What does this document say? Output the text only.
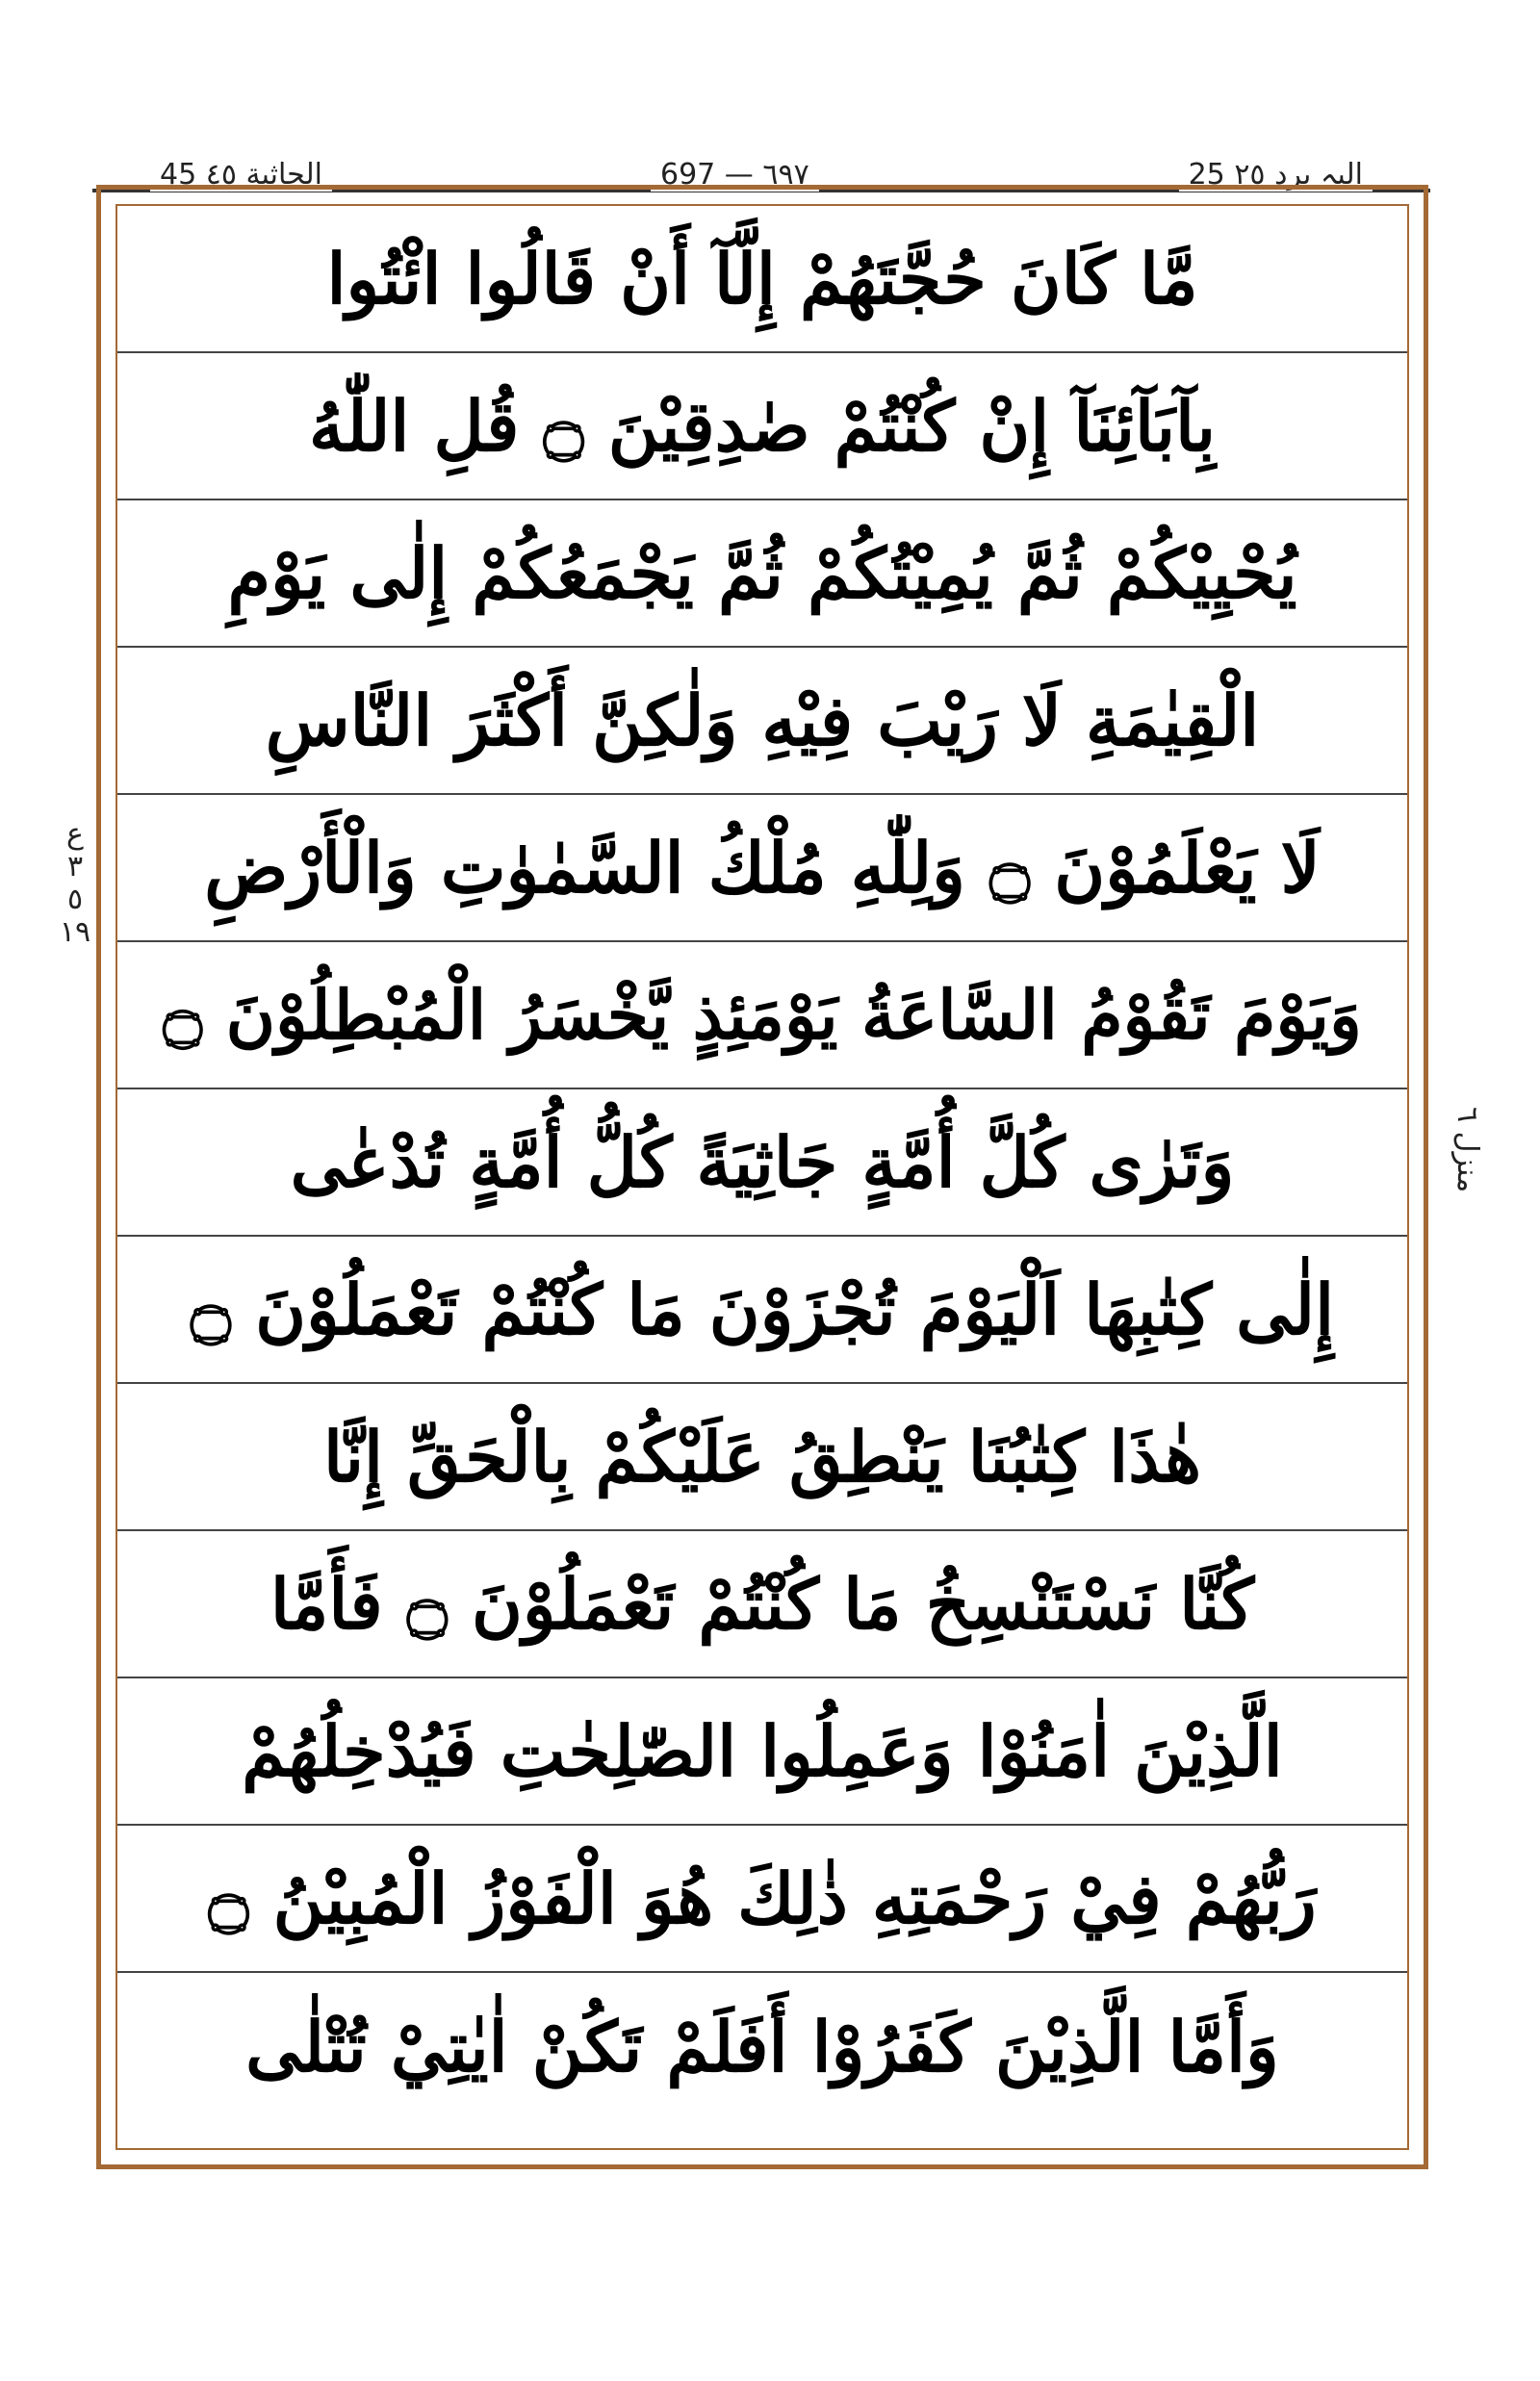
45 الجاثية ٤٥	697 — ٦٩٧	25 الیہ یرد ٢٥
مَّا كَانَ حُجَّتَهُمْ إِلَّآ أَنْ قَالُوا ائْتُوا
بِآبَآئِنَآ إِنْ كُنْتُمْ صٰدِقِيْنَ ۝ قُلِ اللّٰهُ
يُحْيِيْكُمْ ثُمَّ يُمِيْتُكُمْ ثُمَّ يَجْمَعُكُمْ إِلٰى يَوْمِ
الْقِيٰمَةِ لَا رَيْبَ فِيْهِ وَلٰكِنَّ أَكْثَرَ النَّاسِ
لَا يَعْلَمُوْنَ ۝ وَلِلّٰهِ مُلْكُ السَّمٰوٰتِ وَالْأَرْضِ
وَيَوْمَ تَقُوْمُ السَّاعَةُ يَوْمَئِذٍ يَّخْسَرُ الْمُبْطِلُوْنَ ۝
وَتَرٰى كُلَّ أُمَّةٍ جَاثِيَةً كُلُّ أُمَّةٍ تُدْعٰى
إِلٰى كِتٰبِهَا اَلْيَوْمَ تُجْزَوْنَ مَا كُنْتُمْ تَعْمَلُوْنَ ۝
هٰذَا كِتٰبُنَا يَنْطِقُ عَلَيْكُمْ بِالْحَقِّ إِنَّا
كُنَّا نَسْتَنْسِخُ مَا كُنْتُمْ تَعْمَلُوْنَ ۝ فَأَمَّا
الَّذِيْنَ اٰمَنُوْا وَعَمِلُوا الصّٰلِحٰتِ فَيُدْخِلُهُمْ
رَبُّهُمْ فِيْ رَحْمَتِهِ ذٰلِكَ هُوَ الْفَوْزُ الْمُبِيْنُ ۝
وَأَمَّا الَّذِيْنَ كَفَرُوْا أَفَلَمْ تَكُنْ اٰيٰتِيْ تُتْلٰى
ع ٣ ٥ ١٩
منزل ٦
